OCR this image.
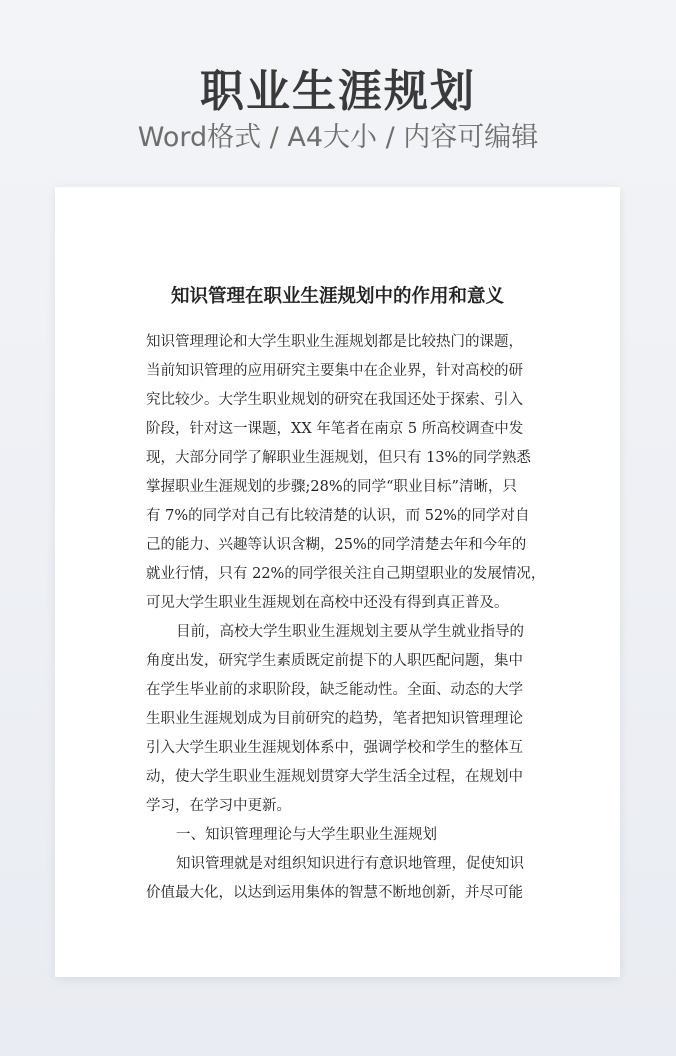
职业生涯规划
Word格式 / A4大小 / 内容可编辑
知识管理在职业生涯规划中的作用和意义
知识管理理论和大学生职业生涯规划都是比较热门的课题，
当前知识管理的应用研究主要集中在企业界，针对高校的研
究比较少。大学生职业规划的研究在我国还处于探索、引入
阶段，针对这一课题，XX 年笔者在南京 5 所高校调查中发
现，大部分同学了解职业生涯规划，但只有 13%的同学熟悉
掌握职业生涯规划的步骤;28%的同学“职业目标”清晰，只
有 7%的同学对自己有比较清楚的认识，而 52%的同学对自
己的能力、兴趣等认识含糊，25%的同学清楚去年和今年的
就业行情，只有 22%的同学很关注自己期望职业的发展情况，
可见大学生职业生涯规划在高校中还没有得到真正普及。
目前，高校大学生职业生涯规划主要从学生就业指导的
角度出发，研究学生素质既定前提下的人职匹配问题，集中
在学生毕业前的求职阶段，缺乏能动性。全面、动态的大学
生职业生涯规划成为目前研究的趋势，笔者把知识管理理论
引入大学生职业生涯规划体系中，强调学校和学生的整体互
动，使大学生职业生涯规划贯穿大学生活全过程，在规划中
学习，在学习中更新。
一、知识管理理论与大学生职业生涯规划
知识管理就是对组织知识进行有意识地管理，促使知识
价值最大化，以达到运用集体的智慧不断地创新，并尽可能
